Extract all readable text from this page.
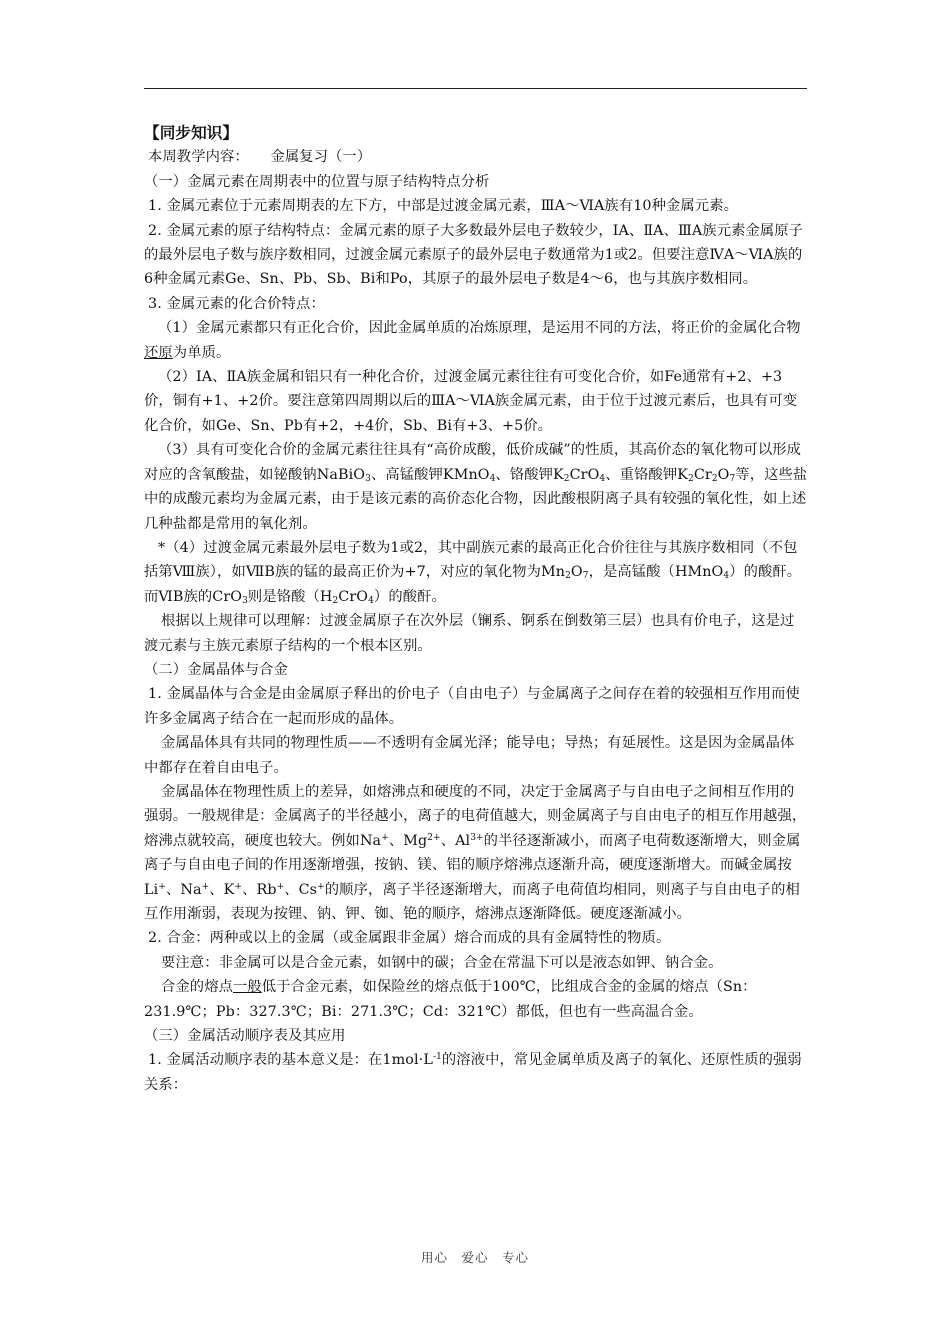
【同步知识】

本周教学内容：　　 金属复习（一）

（一）金属元素在周期表中的位置与原子结构特点分析

1. 金属元素位于元素周期表的左下方，中部是过渡金属元素，ⅢA～ⅥA族有10种金属元素。

2. 金属元素的原子结构特点：金属元素的原子大多数最外层电子数较少，ⅠA、ⅡA、ⅢA族元素金属原子的最外层电子数与族序数相同，过渡金属元素原子的最外层电子数通常为1或2。但要注意ⅣA～ⅥA族的6种金属元素Ge、Sn、Pb、Sb、Bi和Po，其原子的最外层电子数是4～6，也与其族序数相同。

3. 金属元素的化合价特点：

（1）金属元素都只有正化合价，因此金属单质的冶炼原理，是运用不同的方法，将正价的金属化合物还原为单质。

（2）ⅠA、ⅡA族金属和铝只有一种化合价，过渡金属元素往往有可变化合价，如Fe通常有+2、+3价，铜有+1、+2价。要注意第四周期以后的ⅢA～ⅥA族金属元素，由于位于过渡元素后，也具有可变化合价，如Ge、Sn、Pb有+2，+4价，Sb、Bi有+3、+5价。

（3）具有可变化合价的金属元素往往具有“高价成酸，低价成碱”的性质，其高价态的氧化物可以形成对应的含氧酸盐，如铋酸钠NaBiO$_3$、高锰酸钾KMnO$_4$、铬酸钾$K_2CrO_4$、重铬酸钾$K_2Cr_2O_7$等，这些盐中的成酸元素均为金属元素，由于是该元素的高价态化合物，因此酸根阴离子具有较强的氧化性，如上述几种盐都是常用的氧化剂。

*（4）过渡金属元素最外层电子数为1或2，其中副族元素的最高正化合价往往与其族序数相同（不包括第Ⅷ族），如ⅦB族的锰的最高正价为+7，对应的氧化物为$Mn_2O_7$，是高锰酸（HMnO$_4$）的酸酐。而ⅥB族的CrO$_3$则是铬酸$(H_2CrO_4)$的酸酐。

根据以上规律可以理解：过渡金属原子在次外层（镧系、锕系在倒数第三层）也具有价电子，这是过渡元素与主族元素原子结构的一个根本区别。

（二）金属晶体与合金

1. 金属晶体与合金是由金属原子释出的价电子（自由电子）与金属离子之间存在着的较强相互作用而使许多金属离子结合在一起而形成的晶体。

金属晶体具有共同的物理性质——不透明有金属光泽；能导电；导热；有延展性。这是因为金属晶体中都存在着自由电子。

金属晶体在物理性质上的差异，如熔沸点和硬度的不同，决定于金属离子与自由电子之间相互作用的强弱。一般规律是：金属离子的半径越小，离子的电荷值越大，则金属离子与自由电子的相互作用越强，熔沸点就较高，硬度也较大。例如Na+、$Mg^{2+}$、$Al^{3+}$的半径逐渐减小，而离子电荷数逐渐增大，则金属离子与自由电子间的作用逐渐增强，按钠、镁、铝的顺序熔沸点逐渐升高，硬度逐渐增大。而碱金属按Li+、Na+、K+、Rb+、Cs+的顺序，离子半径逐渐增大，而离子电荷值均相同，则离子与自由电子的相互作用渐弱，表现为按锂、钠、钾、铷、铯的顺序，熔沸点逐渐降低。硬度逐渐减小。

2. 合金：两种或以上的金属（或金属跟非金属）熔合而成的具有金属特性的物质。

要注意：非金属可以是合金元素，如钢中的碳；合金在常温下可以是液态如钾、钠合金。

合金的熔点一般低于合金元素，如保险丝的熔点低于100℃，比组成合金的金属的熔点（Sn：231.9℃；Pb：327.3℃；Bi：271.3℃；Cd：321℃）都低，但也有一些高温合金。

（三）金属活动顺序表及其应用

1. 金属活动顺序表的基本意义是：在$1mol\cdot L^{-1}$的溶液中，常见金属单质及离子的氧化、还原性质的强弱关系：

用心　爱心　专心
